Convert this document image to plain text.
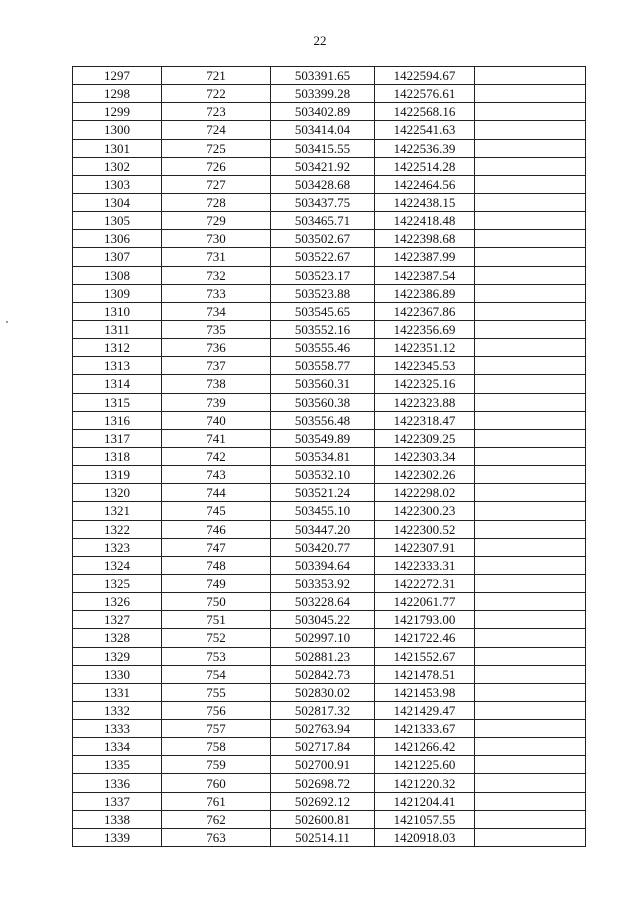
22
1297	721	503391.65	1422594.67	
1298	722	503399.28	1422576.61	
1299	723	503402.89	1422568.16	
1300	724	503414.04	1422541.63	
1301	725	503415.55	1422536.39	
1302	726	503421.92	1422514.28	
1303	727	503428.68	1422464.56	
1304	728	503437.75	1422438.15	
1305	729	503465.71	1422418.48	
1306	730	503502.67	1422398.68	
1307	731	503522.67	1422387.99	
1308	732	503523.17	1422387.54	
1309	733	503523.88	1422386.89	
1310	734	503545.65	1422367.86	
1311	735	503552.16	1422356.69	
1312	736	503555.46	1422351.12	
1313	737	503558.77	1422345.53	
1314	738	503560.31	1422325.16	
1315	739	503560.38	1422323.88	
1316	740	503556.48	1422318.47	
1317	741	503549.89	1422309.25	
1318	742	503534.81	1422303.34	
1319	743	503532.10	1422302.26	
1320	744	503521.24	1422298.02	
1321	745	503455.10	1422300.23	
1322	746	503447.20	1422300.52	
1323	747	503420.77	1422307.91	
1324	748	503394.64	1422333.31	
1325	749	503353.92	1422272.31	
1326	750	503228.64	1422061.77	
1327	751	503045.22	1421793.00	
1328	752	502997.10	1421722.46	
1329	753	502881.23	1421552.67	
1330	754	502842.73	1421478.51	
1331	755	502830.02	1421453.98	
1332	756	502817.32	1421429.47	
1333	757	502763.94	1421333.67	
1334	758	502717.84	1421266.42	
1335	759	502700.91	1421225.60	
1336	760	502698.72	1421220.32	
1337	761	502692.12	1421204.41	
1338	762	502600.81	1421057.55	
1339	763	502514.11	1420918.03	
